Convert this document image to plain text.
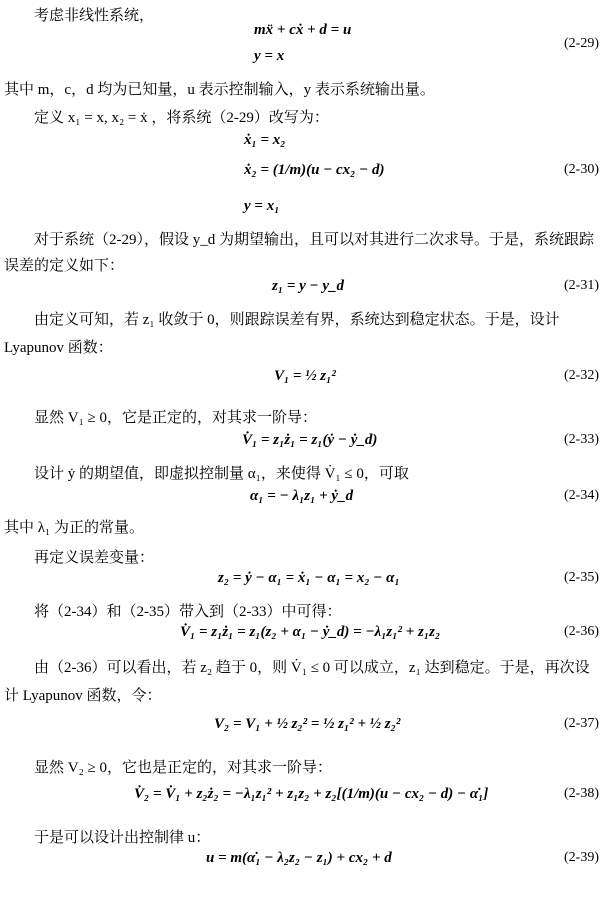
考虑非线性系统，
mẍ + cẋ + d = u
(2-29)
y = x
其中 m，c，d 均为已知量，u 表示控制输入，y 表示系统输出量。
定义 x₁ = x, x₂ = ẋ ，将系统（2-29）改写为：
ẋ₁ = x₂
ẋ₂ = (1/m)(u − cx₂ − d)	(2-30)
y = x₁
对于系统（2-29），假设 y_d 为期望输出，且可以对其进行二次求导。于是，系统跟踪
误差的定义如下：
z₁ = y − y_d	(2-31)
由定义可知，若 z₁ 收敛于 0，则跟踪误差有界，系统达到稳定状态。于是，设计
Lyapunov 函数：
V₁ = ½ z₁²	(2-32)
显然 V₁ ≥ 0，它是正定的，对其求一阶导：
V̇₁ = z₁ż₁ = z₁(ẏ − ẏ_d)	(2-33)
设计 ẏ 的期望值，即虚拟控制量 α₁，来使得 V̇₁ ≤ 0，可取
α₁ = − λ₁z₁ + ẏ_d	(2-34)
其中 λ₁ 为正的常量。
再定义误差变量：
z₂ = ẏ − α₁ = ẋ₁ − α₁ = x₂ − α₁	(2-35)
将（2-34）和（2-35）带入到（2-33）中可得：
V̇₁ = z₁ż₁ = z₁(z₂ + α₁ − ẏ_d) = −λ₁z₁² + z₁z₂	(2-36)
由（2-36）可以看出，若 z₂ 趋于 0，则 V̇₁ ≤ 0 可以成立，z₁ 达到稳定。于是，再次设
计 Lyapunov 函数，令：
V₂ = V₁ + ½ z₂² = ½ z₁² + ½ z₂²	(2-37)
显然 V₂ ≥ 0，它也是正定的，对其求一阶导：
V̇₂ = V̇₁ + z₂ż₂ = −λ₁z₁² + z₁z₂ + z₂[(1/m)(u − cx₂ − d) − α̇₁]	(2-38)
于是可以设计出控制律 u：
u = m(α̇₁ − λ₂z₂ − z₁) + cx₂ + d	(2-39)
